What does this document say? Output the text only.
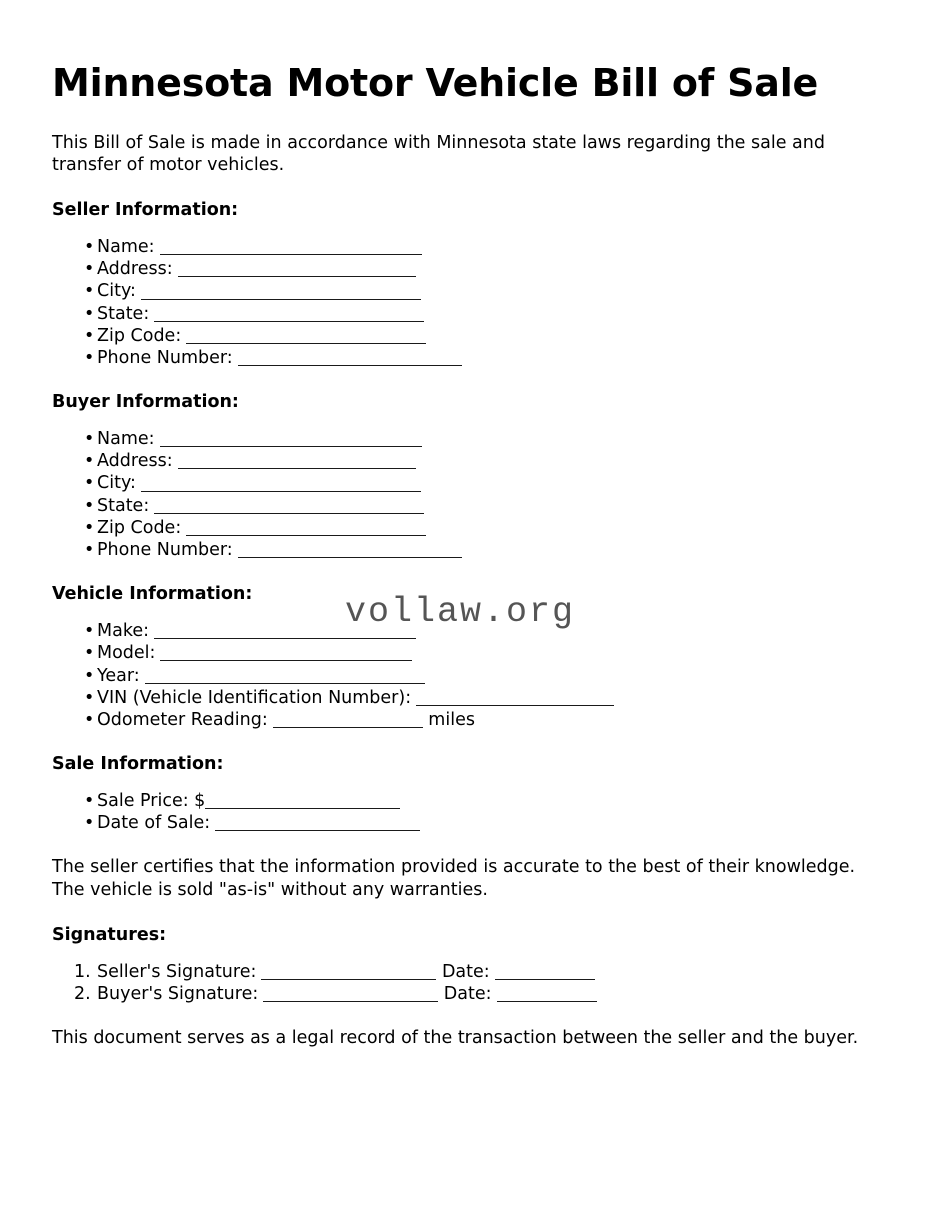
Minnesota Motor Vehicle Bill of Sale

This Bill of Sale is made in accordance with Minnesota state laws regarding the sale and transfer of motor vehicles.

Seller Information:
• Name:
• Address:
• City:
• State:
• Zip Code:
• Phone Number:
Buyer Information:
• Name:
• Address:
• City:
• State:
• Zip Code:
• Phone Number:
Vehicle Information:
• Make:
• Model:
• Year:
• VIN (Vehicle Identification Number):
• Odometer Reading:	miles
Sale Information:
• Sale Price: $
• Date of Sale:

The seller certifies that the information provided is accurate to the best of their knowledge. The vehicle is sold "as-is" without any warranties.

Signatures:
Seller's Signature:	Date:
Buyer's Signature:	Date:

This document serves as a legal record of the transaction between the seller and the buyer.

vollaw.org
